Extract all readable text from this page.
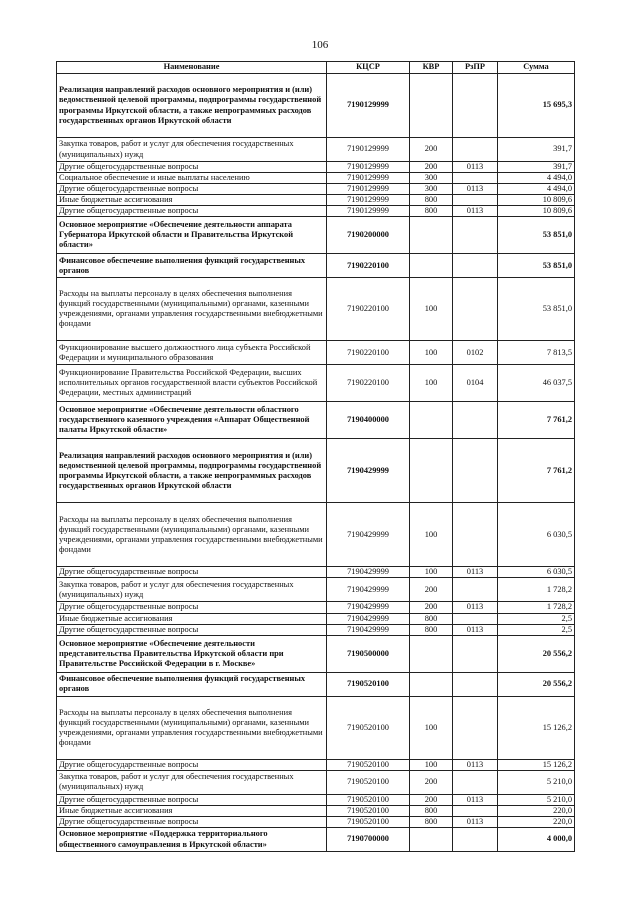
106
Наименование	КЦСР	КВР	РзПР	Сумма
Реализация направлений расходов основного мероприятия и (или) ведомственной целевой программы, подпрограммы государственной программы Иркутской области, а также непрограммных расходов государственных органов Иркутской области	7190129999			15 695,3
Закупка товаров, работ и услуг для обеспечения государственных (муниципальных) нужд	7190129999	200		391,7
Другие общегосударственные вопросы	7190129999	200	0113	391,7
Социальное обеспечение и иные выплаты населению	7190129999	300		4 494,0
Другие общегосударственные вопросы	7190129999	300	0113	4 494,0
Иные бюджетные ассигнования	7190129999	800		10 809,6
Другие общегосударственные вопросы	7190129999	800	0113	10 809,6
Основное мероприятие «Обеспечение деятельности аппарата Губернатора Иркутской области и Правительства Иркутской области»	7190200000			53 851,0
Финансовое обеспечение выполнения функций государственных органов	7190220100			53 851,0
Расходы на выплаты персоналу в целях обеспечения выполнения функций государственными (муниципальными) органами, казенными учреждениями, органами управления государственными внебюджетными фондами	7190220100	100		53 851,0
Функционирование высшего должностного лица субъекта Российской Федерации и муниципального образования	7190220100	100	0102	7 813,5
Функционирование Правительства Российской Федерации, высших исполнительных органов государственной власти субъектов Российской Федерации, местных администраций	7190220100	100	0104	46 037,5
Основное мероприятие «Обеспечение деятельности областного государственного казенного учреждения «Аппарат Общественной палаты Иркутской области»	7190400000			7 761,2
Реализация направлений расходов основного мероприятия и (или) ведомственной целевой программы, подпрограммы государственной программы Иркутской области, а также непрограммных расходов государственных органов Иркутской области	7190429999			7 761,2
Расходы на выплаты персоналу в целях обеспечения выполнения функций государственными (муниципальными) органами, казенными учреждениями, органами управления государственными внебюджетными фондами	7190429999	100		6 030,5
Другие общегосударственные вопросы	7190429999	100	0113	6 030,5
Закупка товаров, работ и услуг для обеспечения государственных (муниципальных) нужд	7190429999	200		1 728,2
Другие общегосударственные вопросы	7190429999	200	0113	1 728,2
Иные бюджетные ассигнования	7190429999	800		2,5
Другие общегосударственные вопросы	7190429999	800	0113	2,5
Основное мероприятие «Обеспечение деятельности представительства Правительства Иркутской области при Правительстве Российской Федерации в г. Москве»	7190500000			20 556,2
Финансовое обеспечение выполнения функций государственных органов	7190520100			20 556,2
Расходы на выплаты персоналу в целях обеспечения выполнения функций государственными (муниципальными) органами, казенными учреждениями, органами управления государственными внебюджетными фондами	7190520100	100		15 126,2
Другие общегосударственные вопросы	7190520100	100	0113	15 126,2
Закупка товаров, работ и услуг для обеспечения государственных (муниципальных) нужд	7190520100	200		5 210,0
Другие общегосударственные вопросы	7190520100	200	0113	5 210,0
Иные бюджетные ассигнования	7190520100	800		220,0
Другие общегосударственные вопросы	7190520100	800	0113	220,0
Основное мероприятие «Поддержка территориального общественного самоуправления в Иркутской области»	7190700000			4 000,0
